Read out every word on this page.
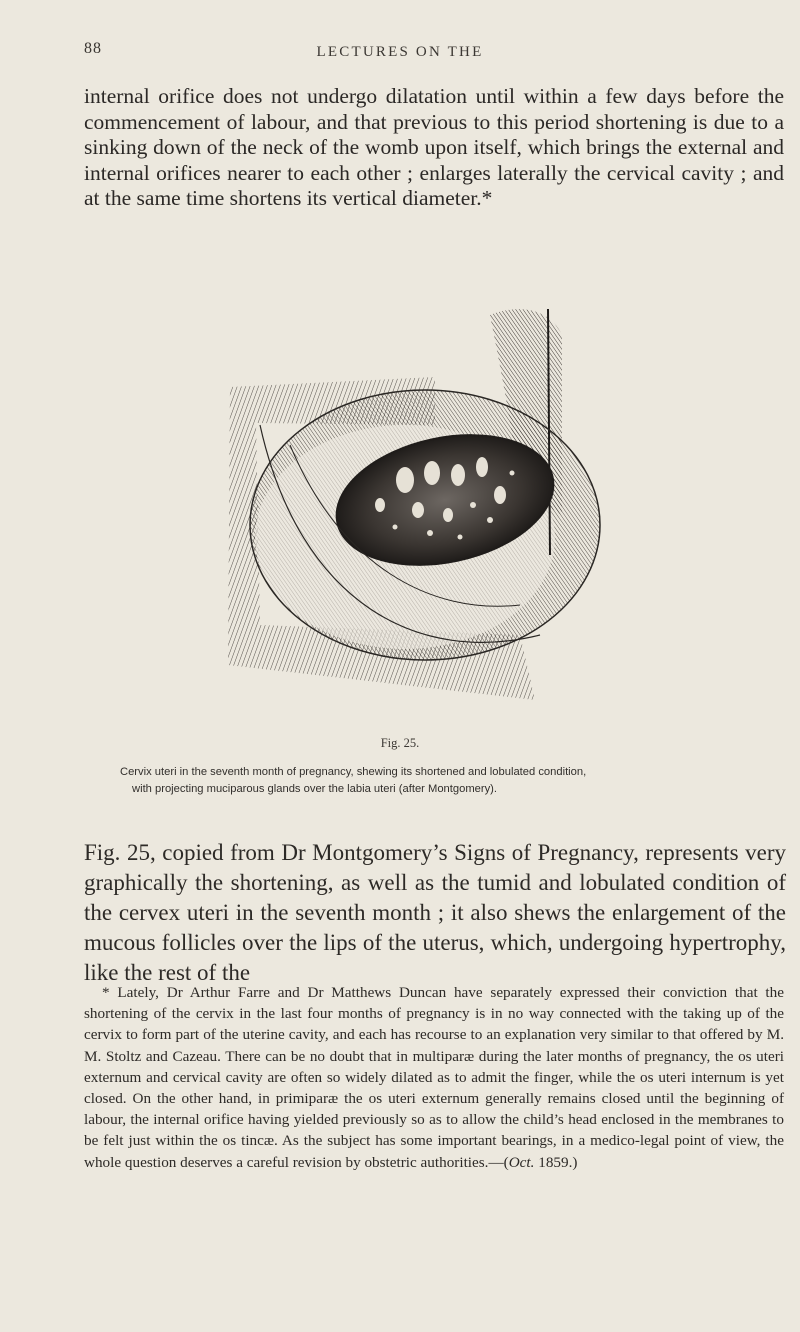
88	LECTURES ON THE
internal orifice does not undergo dilatation until within a few days before the commencement of labour, and that previous to this period shortening is due to a sinking down of the neck of the womb upon itself, which brings the external and internal orifices nearer to each other ; enlarges laterally the cervical cavity ; and at the same time shortens its vertical diameter.*
Fig. 25.
Cervix uteri in the seventh month of pregnancy, shewing its shortened and lobulated condition,
with projecting muciparous glands over the labia uteri (after Montgomery).
Fig. 25, copied from Dr Montgomery’s Signs of Pregnancy, represents very graphically the shortening, as well as the tumid and lobulated condition of the cervex uteri in the seventh month ; it also shews the enlargement of the mucous follicles over the lips of the uterus, which, undergoing hypertrophy, like the rest of the
* Lately, Dr Arthur Farre and Dr Matthews Duncan have separately expressed their conviction that the shortening of the cervix in the last four months of pregnancy is in no way connected with the taking up of the cervix to form part of the uterine cavity, and each has recourse to an explanation very similar to that offered by M. M. Stoltz and Cazeau. There can be no doubt that in multiparæ during the later months of pregnancy, the os uteri externum and cervical cavity are often so widely dilated as to admit the finger, while the os uteri internum is yet closed. On the other hand, in primiparæ the os uteri externum generally remains closed until the beginning of labour, the internal orifice having yielded previously so as to allow the child’s head enclosed in the membranes to be felt just within the os tincæ. As the subject has some important bearings, in a medico-legal point of view, the whole question deserves a careful revision by obstetric authorities.—(Oct. 1859.)
